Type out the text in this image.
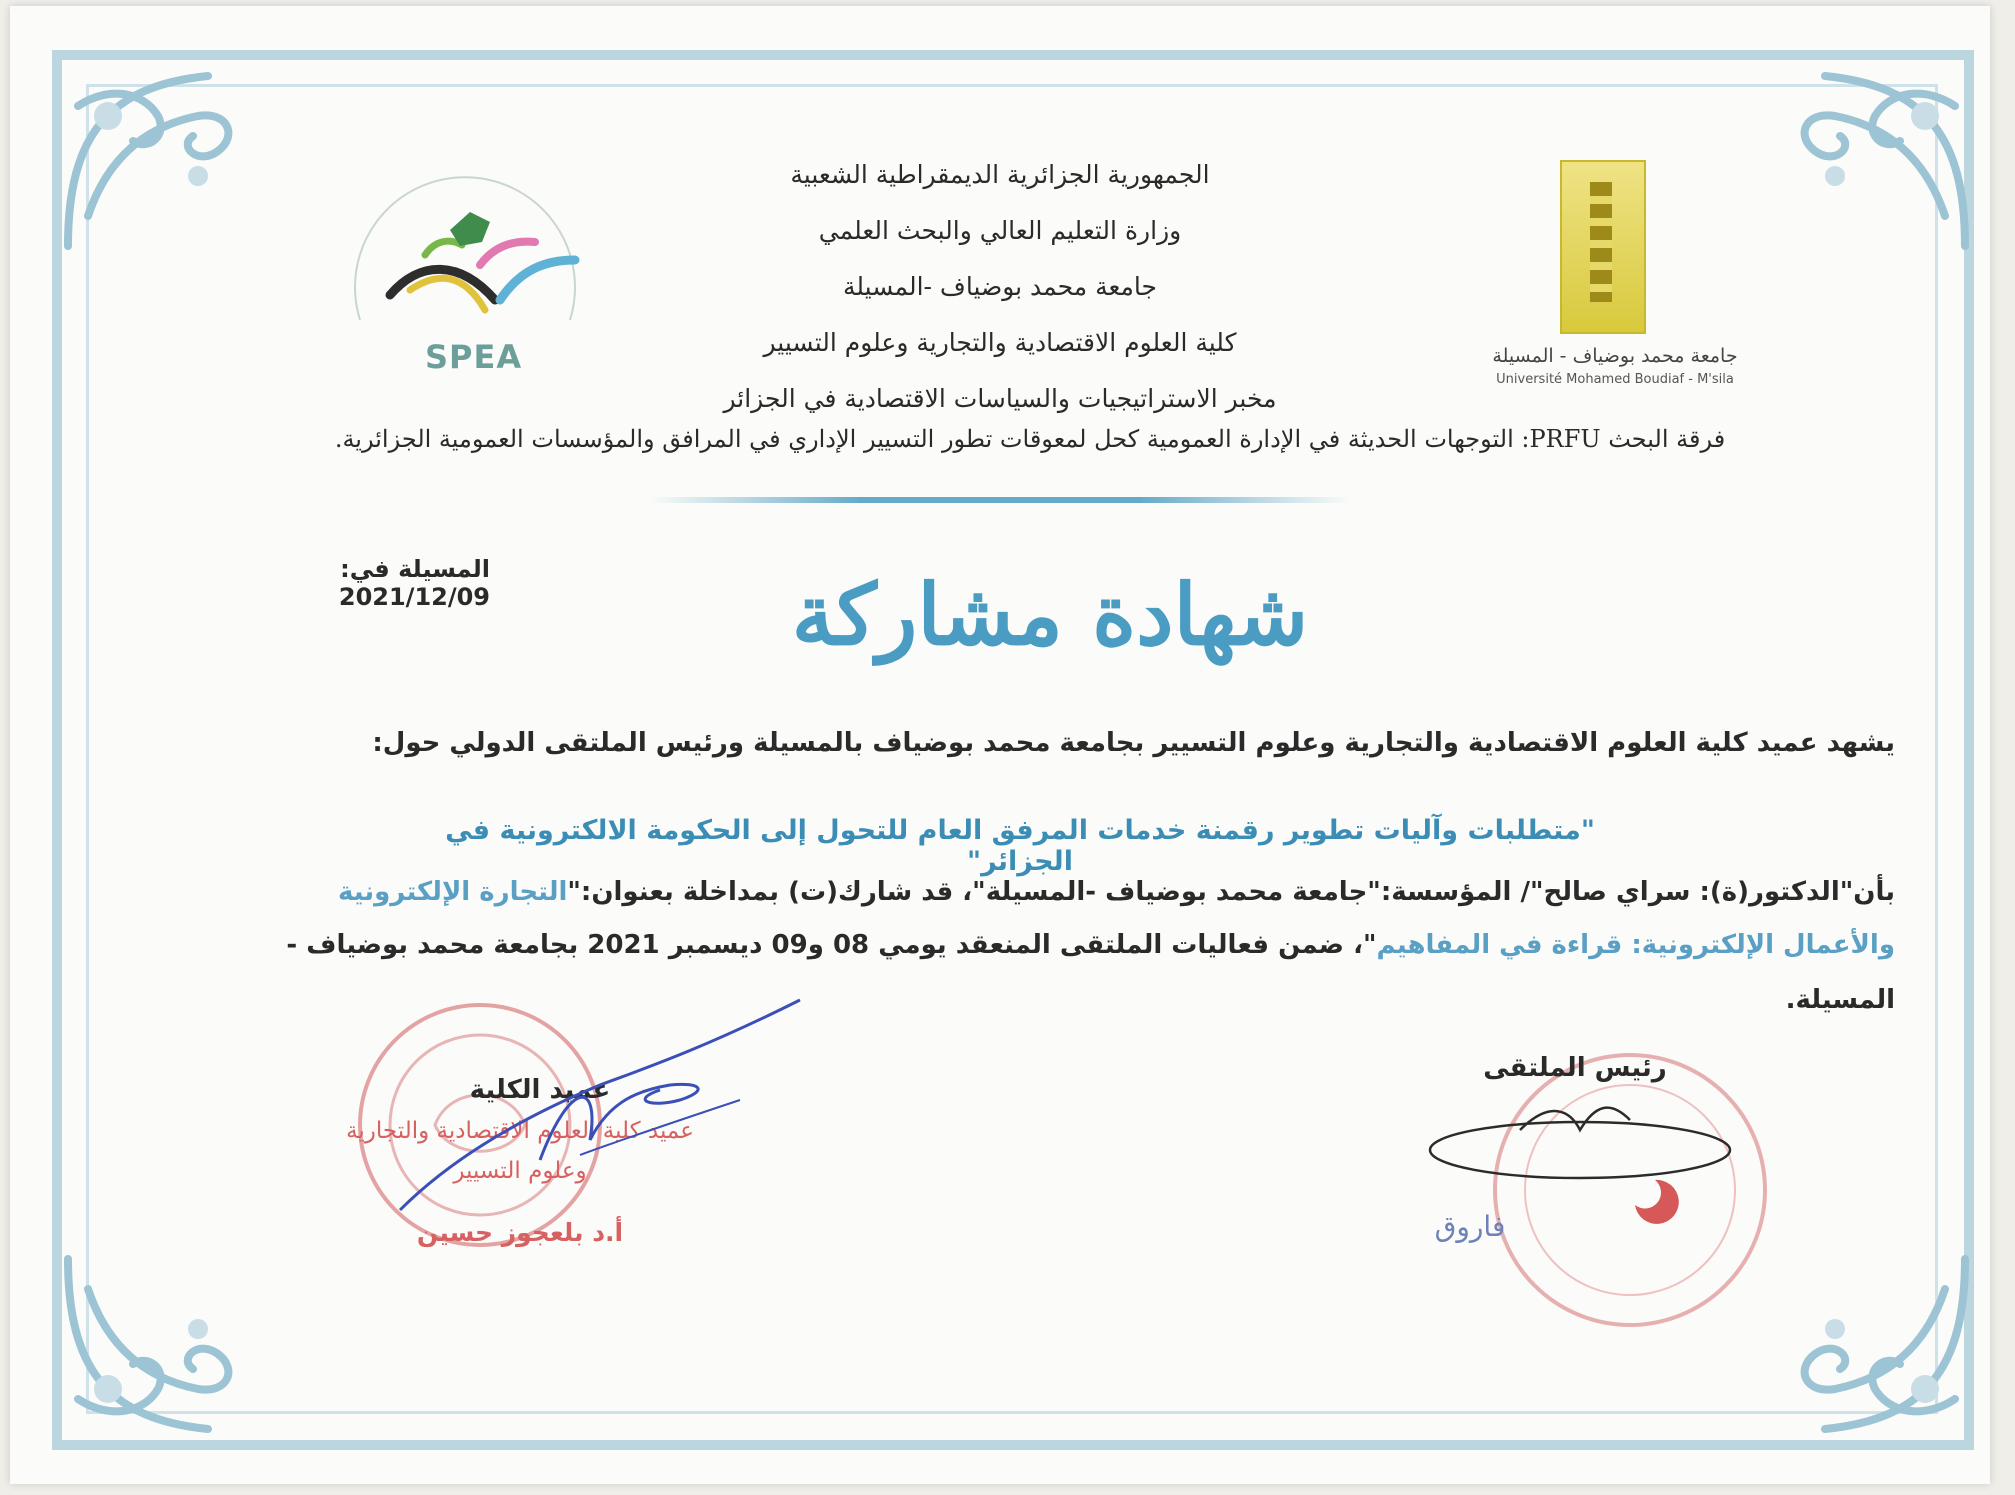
SPEA	جامعة محمد بوضياف - المسيلة
Université Mohamed Boudiaf - M'sila
الجمهورية الجزائرية الديمقراطية الشعبية
وزارة التعليم العالي والبحث العلمي
جامعة محمد بوضياف -المسيلة
كلية العلوم الاقتصادية والتجارية وعلوم التسيير
مخبر الاستراتيجيات والسياسات الاقتصادية في الجزائر
فرقة البحث PRFU: التوجهات الحديثة في الإدارة العمومية كحل لمعوقات تطور التسيير الإداري في المرافق والمؤسسات العمومية الجزائرية.
المسيلة في: 2021/12/09	شهادة مشاركة
يشهد عميد كلية العلوم الاقتصادية والتجارية وعلوم التسيير بجامعة محمد بوضياف بالمسيلة ورئيس الملتقى الدولي حول:
"متطلبات وآليات تطوير رقمنة خدمات المرفق العام للتحول إلى الحكومة الالكترونية في الجزائر"
بأن"الدكتور(ة): سراي صالح"/ المؤسسة:"جامعة محمد بوضياف -المسيلة"، قد شارك(ت) بمداخلة بعنوان:"التجارة الإلكترونية
والأعمال الإلكترونية: قراءة في المفاهيم"، ضمن فعاليات الملتقى المنعقد يومي 08 و09 ديسمبر 2021 بجامعة محمد بوضياف -
المسيلة.
عميد الكلية
عميد كلية العلوم الاقتصادية والتجارية
وعلوم التسيير
أ.د بلعجوز حسين
رئيس الملتقى
فاروق
